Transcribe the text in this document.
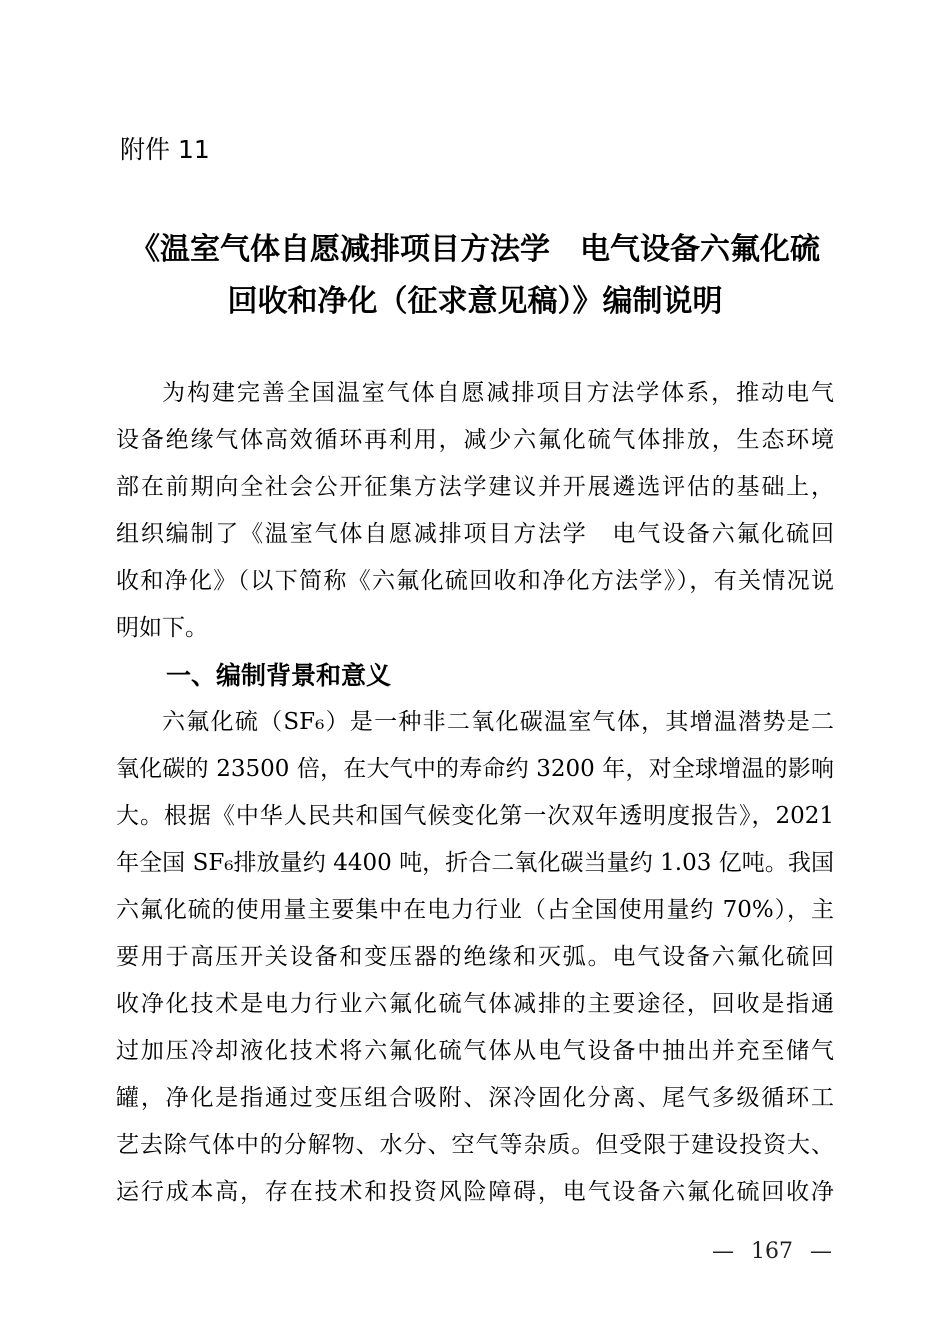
附件 11
《温室气体自愿减排项目方法学　电气设备六氟化硫
回收和净化（征求意见稿）》编制说明
为构建完善全国温室气体自愿减排项目方法学体系，推动电气
设备绝缘气体高效循环再利用，减少六氟化硫气体排放，生态环境
部在前期向全社会公开征集方法学建议并开展遴选评估的基础上，
组织编制了《温室气体自愿减排项目方法学　电气设备六氟化硫回
收和净化》（以下简称《六氟化硫回收和净化方法学》），有关情况说
明如下。
一、编制背景和意义
六氟化硫（SF₆）是一种非二氧化碳温室气体，其增温潜势是二
氧化碳的 23500 倍，在大气中的寿命约 3200 年，对全球增温的影响
大。根据《中华人民共和国气候变化第一次双年透明度报告》，2021
年全国 SF₆排放量约 4400 吨，折合二氧化碳当量约 1.03 亿吨。我国
六氟化硫的使用量主要集中在电力行业（占全国使用量约 70%），主
要用于高压开关设备和变压器的绝缘和灭弧。电气设备六氟化硫回
收净化技术是电力行业六氟化硫气体减排的主要途径，回收是指通
过加压冷却液化技术将六氟化硫气体从电气设备中抽出并充至储气
罐，净化是指通过变压组合吸附、深冷固化分离、尾气多级循环工
艺去除气体中的分解物、水分、空气等杂质。但受限于建设投资大、
运行成本高，存在技术和投资风险障碍，电气设备六氟化硫回收净
— 167 —
